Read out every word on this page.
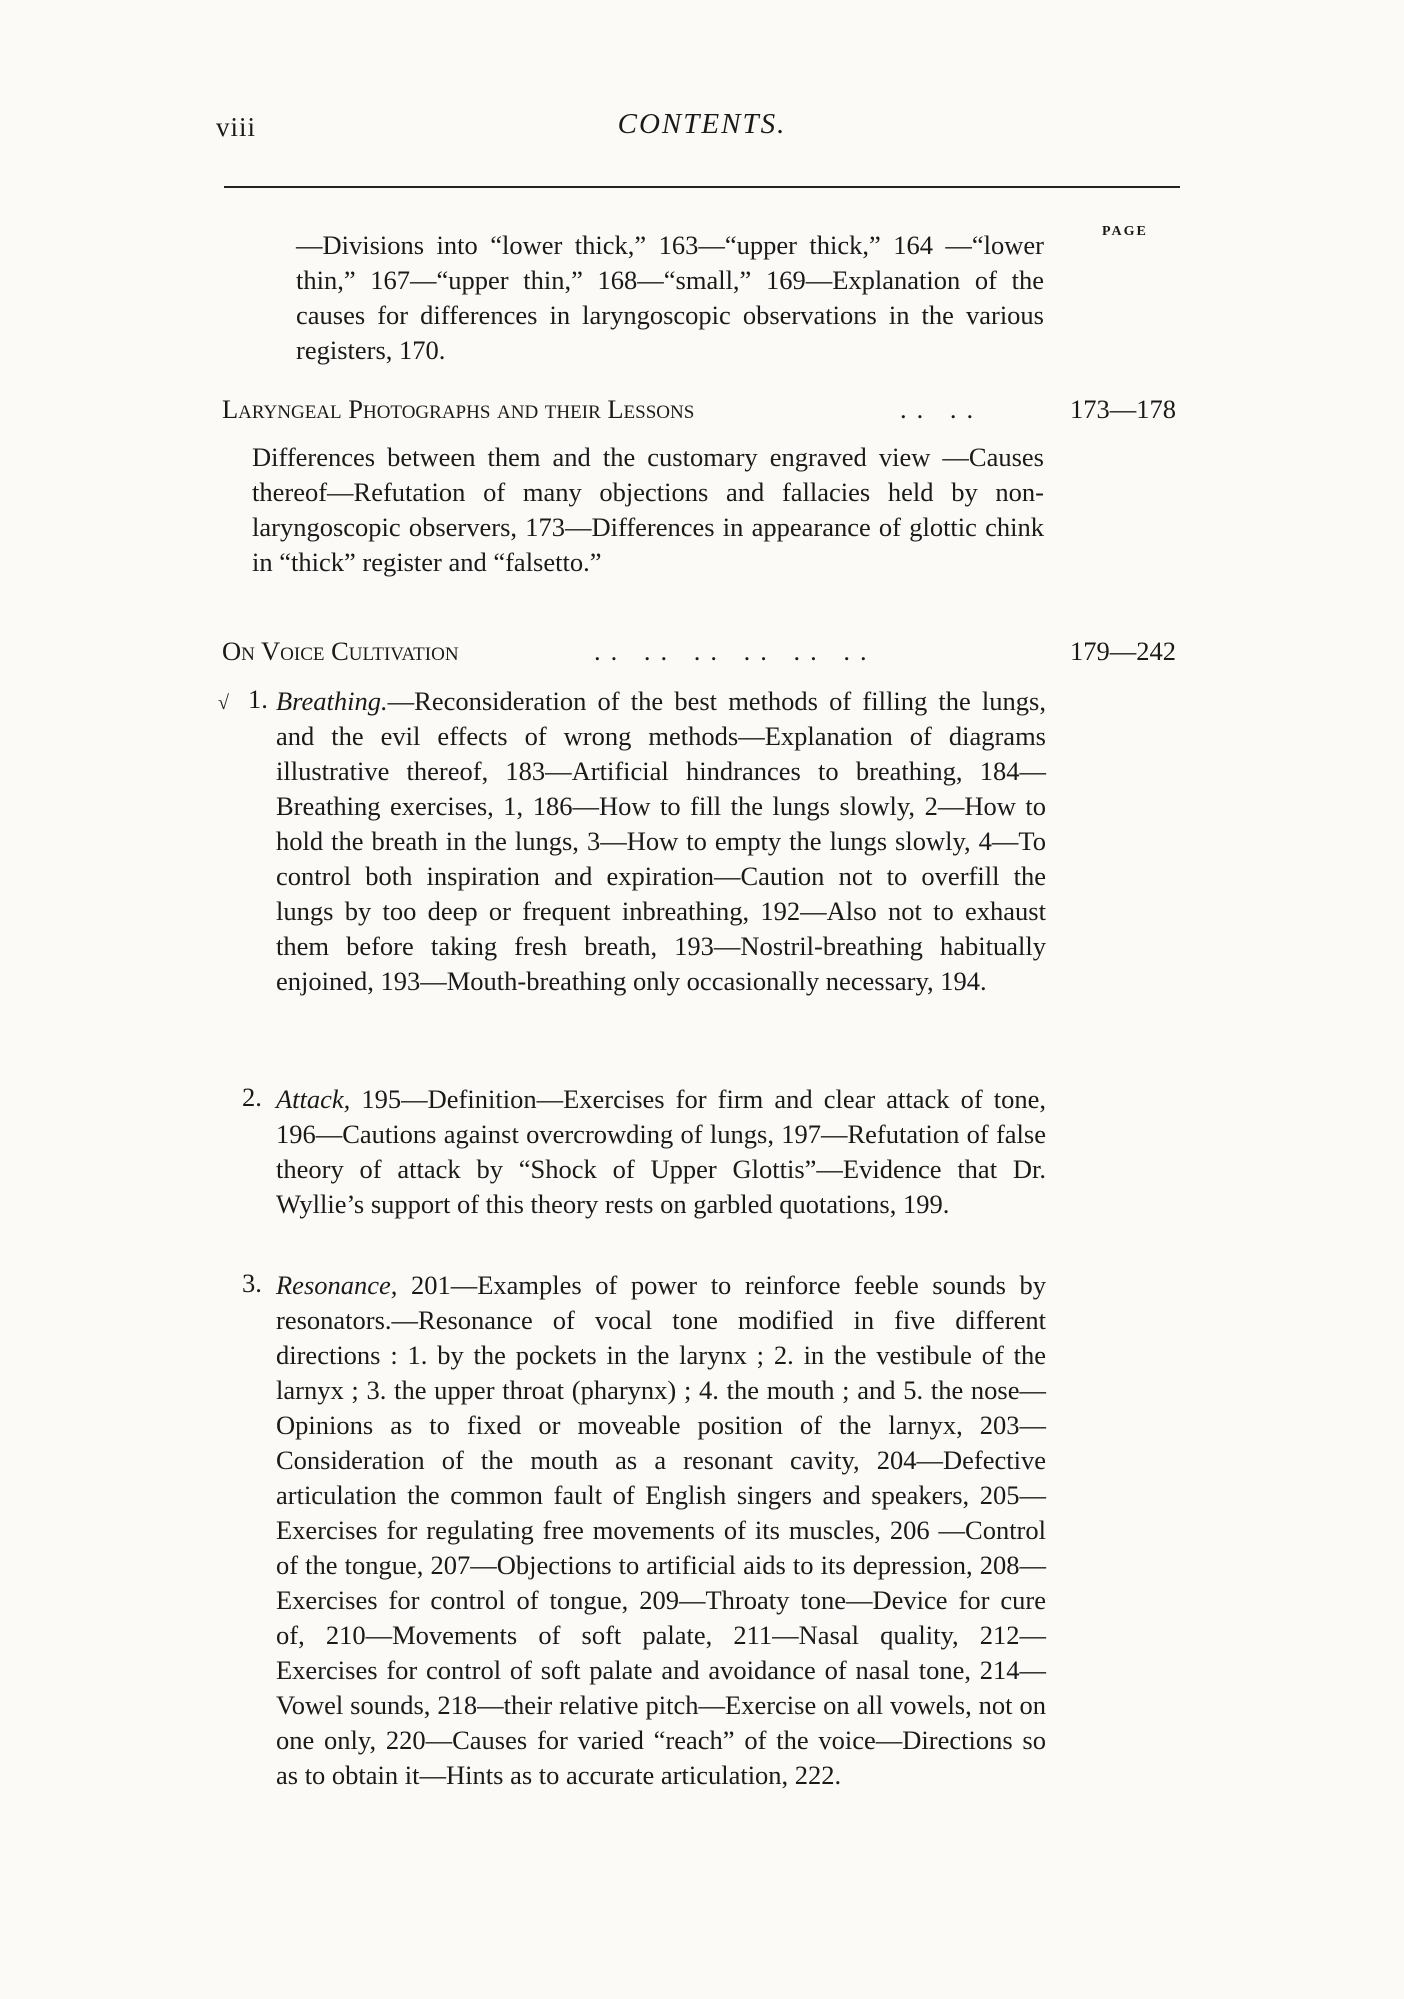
viii	CONTENTS.
PAGE

—Divisions into “lower thick,” 163—“upper thick,” 164 —“lower thin,” 167—“upper thin,” 168—“small,” 169—Explanation of the causes for differences in laryngoscopic observations in the various registers, 170.

Laryngeal Photographs and their Lessons	.. ..	173—178

Differences between them and the customary engraved view —Causes thereof—Refutation of many objections and fallacies held by non-laryngoscopic observers, 173—Differences in appearance of glottic chink in “thick” register and “falsetto.”

On Voice Cultivation	.. .. .. .. .. ..	179—242
√ 1. Breathing.—Reconsideration of the best methods of filling the lungs, and the evil effects of wrong methods—Explanation of diagrams illustrative thereof, 183—Artificial hindrances to breathing, 184—Breathing exercises, 1, 186—How to fill the lungs slowly, 2—How to hold the breath in the lungs, 3—How to empty the lungs slowly, 4—To control both inspiration and expiration—Caution not to overfill the lungs by too deep or frequent inbreathing, 192—Also not to exhaust them before taking fresh breath, 193—Nostril-breathing habitually enjoined, 193—Mouth-breathing only occasionally necessary, 194.

2. Attack, 195—Definition—Exercises for firm and clear attack of tone, 196—Cautions against overcrowding of lungs, 197—Refutation of false theory of attack by “Shock of Upper Glottis”—Evidence that Dr. Wyllie’s support of this theory rests on garbled quotations, 199.

3. Resonance, 201—Examples of power to reinforce feeble sounds by resonators.—Resonance of vocal tone modified in five different directions : 1. by the pockets in the larynx ; 2. in the vestibule of the larnyx ; 3. the upper throat (pharynx) ; 4. the mouth ; and 5. the nose—Opinions as to fixed or moveable position of the larnyx, 203—Consideration of the mouth as a resonant cavity, 204—Defective articulation the common fault of English singers and speakers, 205—Exercises for regulating free movements of its muscles, 206 —Control of the tongue, 207—Objections to artificial aids to its depression, 208—Exercises for control of tongue, 209—Throaty tone—Device for cure of, 210—Movements of soft palate, 211—Nasal quality, 212—Exercises for control of soft palate and avoidance of nasal tone, 214—Vowel sounds, 218—their relative pitch—Exercise on all vowels, not on one only, 220—Causes for varied “reach” of the voice—Directions so as to obtain it—Hints as to accurate articulation, 222.
